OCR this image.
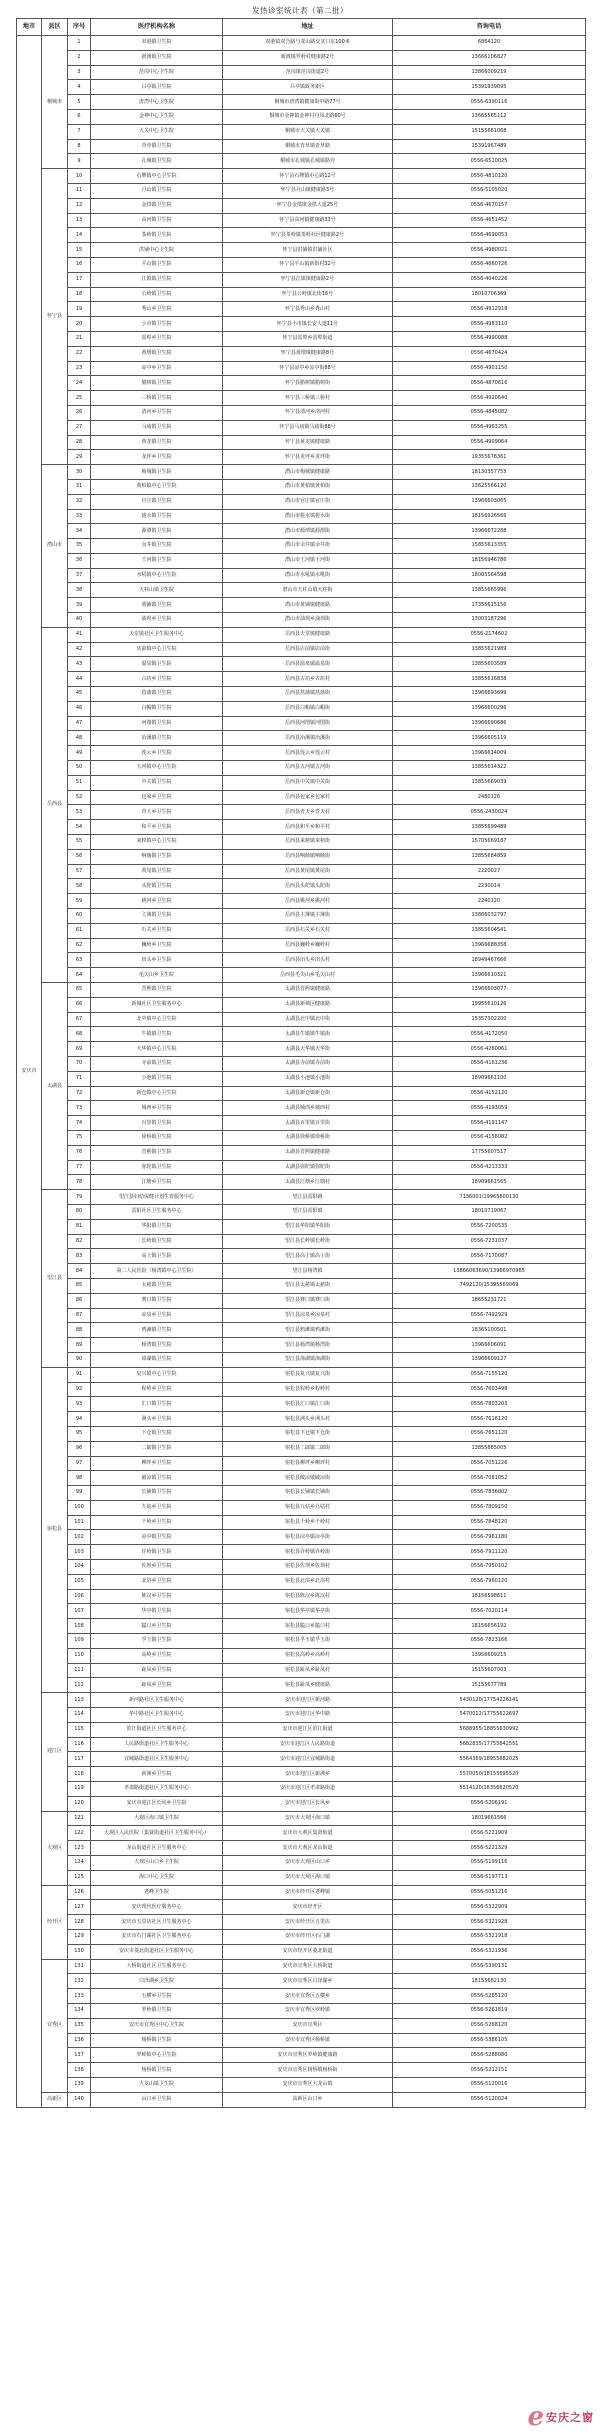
发热诊室统计表（第二批）
地市	县区	序号	医疗机构名称	地址	咨询电话
安庆市	桐城市	1	双港镇卫生院	双港镇双合路与龙山路交叉口东100米	6864120
		2	新渡镇卫生院	新渡镇罗岭村健康路2号	13666106827
		3	范岗中心卫生院	范岗镇范岗街道2号	13866009219
		4	吕亭镇卫生院	吕亭镇政务新区	15391939095
		5	唐湾中心卫生院	桐城市唐湾镇健康街中路77号	0556-6390116
		6	金神中心卫生院	桐城市金神镇金神村丹凤北路60号	13665565112
		7	大关中心卫生院	桐城市大关镇大关镇	15155661068
		8	青草镇卫生院	桐城市青草镇青草路	15391967489
		9	孔城镇卫生院	桐城市孔城镇孔城镇路旁	0556-6510025
	怀宁县	10	石牌镇中心卫生院	怀宁县石牌镇中心路12号	0556-4810120
		11	月山镇卫生院	怀宁县月山镇健康路3号	0556-5105020
		12	金拱镇卫生院	怀宁县金拱镇金拱大道25号	0556-4670157
		13	高河镇卫生院	怀宁县高河镇健康路33号	0556-4651452
		14	茶岭镇卫生院	怀宁县茶岭镇茶岭社区健康路2号	0556-4690053
		15	洪铺中心卫生院	怀宁县洪铺镇洪铺社区	0556-4980021
		16	平山镇卫生院	怀宁县平山镇新街村32号	0556-4660726
		17	江镇镇卫生院	怀宁县江镇镇健康路2号	0556-4040226
		18	公岭镇卫生院	怀宁县公岭镇北街16号	18010706369
		19	秀山乡卫生院	怀宁县秀山乡秀山村	0556-4912918
		20	小市镇卫生院	怀宁县小市镇长安大道11号	0556-4983110
		21	雷埠乡卫生院	怀宁县雷埠乡雷埠街道	0556-4990088
		22	黄墩镇卫生院	怀宁县黄墩镇健康路8号	0556-4670424
		23	凉亭乡卫生院	怀宁县凉亭乡凉亭街88号	0556-4901150
		24	腊树镇卫生院	怀宁县腊树镇腊树街	0556-4870616
		25	三桥镇卫生院	怀宁县三桥镇三桥村	0556-4920640
		26	清河乡卫生院	怀宁县清河乡清河村	0556-4845082
		27	马庙镇卫生院	怀宁县马庙镇马庙街88号	0556-4963255
		28	黄龙镇卫生院	怀宁县黄龙镇健康路	0556-4909064
		29	龙坪乡卫生院	怀宁县龙坪乡龙坪街	19355676361
	潜山市	30	梅城镇卫生院	潜山市梅城镇健康路	18130357755
		31	黄柏镇中心卫生院	潜山市黄柏镇黄柏街	13625566120
		32	官庄镇卫生院	潜山市官庄镇官庄街	13966603065
		33	槎水镇卫生院	潜山市槎水镇槎水街	18156926566
		34	源潭镇卫生院	潜山市源潭镇源潭街	13966672288
		35	余井镇卫生院	潜山市余井镇余井街	15855613355
		36	王河镇卫生院	潜山市王河镇王河街	18156946786
		37	水吼镇中心卫生院	潜山市水吼镇水吼街	18005564598
		38	天柱山镇卫生院	潜山市天柱山镇天柱街	13855665996
		39	黄铺镇卫生院	潜山市黄铺镇健康路	17355615156
		40	油坝乡卫生院	潜山市油坝乡油坝街	13003187296
	岳西县	41	天堂镇社区卫生服务中心	岳西县天堂镇健康路	0556-2174602
		42	店前镇中心卫生院	岳西县店前镇店前街	13855621989
		43	温泉镇卫生院	岳西县温泉镇温泉街	13855603589
		44	古坊乡卫生院	岳西县古坊乡古坊村	13855616838
		45	菖蒲镇卫生院	岳西县菖蒲镇菖蒲街	13966693699
		46	白帽镇卫生院	岳西县白帽镇白帽街	13966600296
		47	河图镇卫生院	岳西县河图镇河图街	13966690686
		48	冶溪镇卫生院	岳西县冶溪镇冶溪街	13966605119
		49	莲云乡卫生院	岳西县莲云乡莲云村	13966614009
		50	五河镇中心卫生院	岳西县五河镇五河街	13855614322
		51	中关镇卫生院	岳西县中关镇中关街	13855669039
		52	包家乡卫生院	岳西县包家乡包家村	2480126
		53	青天乡卫生院	岳西县青天乡青天村	0556-2430024
		54	和平乡卫生院	岳西县和平乡和平村	13855699489
		55	来榜镇中心卫生院	岳西县来榜镇来榜街	15705669187
		56	响肠镇卫生院	岳西县响肠镇响肠街	13855684859
		57	黄尾镇卫生院	岳西县黄尾镇黄尾街	2220027
		58	头陀镇卫生院	岳西县头陀镇头陀街	2230014
		59	姚河乡卫生院	岳西县姚河乡姚河村	2240120
		60	主簿镇卫生院	岳西县主簿镇主簿街	13866032797
		61	石关乡卫生院	岳西县石关乡石关村	13855604541
		62	巍岭乡卫生院	岳西县巍岭乡巍岭村	13966688358
		63	田头乡卫生院	岳西县田头乡田头村	18949467666
		64	毛尖山乡卫生院	岳西县毛尖山乡毛尖山村	13966610321
	太湖县	65	晋熙镇卫生院	太湖县晋熙镇健康路	13966603077
		66	新城社区卫生服务中心	太湖县新城区健康路	19955610126
		67	北中镇中心卫生院	太湖县北中镇北中街	15357302200
		68	牛镇镇卫生院	太湖县牛镇镇牛镇街	0556-4172050
		69	天华镇中心卫生院	太湖县天华镇天华街	0556-4260061
		70	寺前镇卫生院	太湖县寺前镇寺前街	0556-4161236
		71	小池镇卫生院	太湖县小池镇小池街	18909661100
		72	新仓镇中心卫生院	太湖县新仓镇新仓街	0556-4152120
		73	城西乡卫生院	太湖县城西乡城西村	0556-4193059
		74	百里镇卫生院	太湖县百里镇百里街	0556-4191147
		75	徐桥镇卫生院	太湖县徐桥镇徐桥街	0556-4156082
		76	晋熙镇卫生院	太湖县晋熙镇健康路	17755607517
		77	弥陀镇卫生院	太湖县弥陀镇弥陀街	0556-4213333
		78	江塘乡卫生院	太湖县江塘乡江塘村	18909661565
	望江县	79	望江县妇幼保健计划生育服务中心	望江县雷阳路	7136001/19965600130
		80	雷阳社区卫生服务中心	望江县雷阳镇	18010719067
		81	华阳镇卫生院	望江县华阳镇华阳街	0556-7200535
		82	长岭镇卫生院	望江县长岭镇长岭街	0556-7231037
		83	高士镇卫生院	望江县高士镇高士街	0556-7170087
		84	第二人民医院（杨湾镇中心卫生院）	望江县杨湾镇	13866063690/13966970965
		85	太慈镇卫生院	望江县太慈镇太慈街	7492120/15395569069
		86	赛口镇卫生院	望江县赛口镇赛口街	18655231721
		87	凉泉乡卫生院	望江县凉泉乡凉泉村	0556-7492929
		88	鸦滩镇卫生院	望江县鸦滩镇鸦滩街	18365100501
		89	杨湾镇卫生院	望江县杨湾镇杨湾街	13966606091
		90	漳湖镇卫生院	望江县漳湖镇漳湖街	13966609127
	宿松县	91	复兴镇中心卫生院	宿松县复兴镇复兴街	0556-7155120
		92	程岭乡卫生院	宿松县程岭乡程岭村	0556-7603498
		93	汇口镇卫生院	宿松县汇口镇汇口街	0556-7803203
		94	洲头乡卫生院	宿松县洲头乡洲头村	0556-7616120
		95	下仓镇卫生院	宿松县下仓镇下仓街	0556-7651120
		96	二郎镇卫生院	宿松县二郎镇二郎街	13855685005
		97	柳坪乡卫生院	宿松县柳坪乡柳坪村	0556-7051226
		98	破凉镇卫生院	宿松县破凉镇破凉街	0556-7081052
		99	长铺镇卫生院	宿松县长铺镇长铺街	0556-7836002
		100	九姑乡卫生院	宿松县九姑乡九姑村	0556-7809150
		101	千岭乡卫生院	宿松县千岭乡千岭村	0556-7848120
		102	凉亭镇卫生院	宿松县凉亭镇凉亭街	0556-7961180
		103	许岭镇卫生院	宿松县许岭镇许岭街	0556-7911120
		104	佐坝乡卫生院	宿松县佐坝乡佐坝村	0556-7950102
		105	北浴乡卫生院	宿松县北浴乡北浴村	0556-7960120
		106	陈汉乡卫生院	宿松县陈汉乡陈汉村	18156598611
		107	华亭镇卫生院	宿松县华亭镇华亭街	0556-7020114
		108	隘口乡卫生院	宿松县隘口乡隘口村	18156656192
		109	孚玉镇卫生院	宿松县孚玉镇孚玉街	0556-7823166
		110	高岭乡卫生院	宿松县高岭乡高岭村	13956609215
		111	趾凤乡卫生院	宿松县趾凤乡趾凤村	15155607003
		112	趾凤乡卫生院	宿松县趾凤乡健康路	15155677789
	迎江区	113	新河路社区卫生服务中心	安庆市迎江区新河路	5430120/17754226141
		114	华中路社区卫生服务中心	安庆市迎江区华中路	5470012/17755622697
		115	滨江街道社区卫生服务中心	安庆市迎江区滨江街道	5688955/18855630992
		116	人民路街道社区卫生服务中心	安庆市迎江区人民路街道	5682835/17755642551
		117	宜城路街道社区卫生服务中心	安庆市迎江区宜城路街道	5564369/18955682025
		118	新洲乡卫生院	安庆市迎江区新洲乡	5570050/18155695520
		119	孝肃路街道社区卫生服务中心	安庆市迎江区孝肃路街道	5514120/18356620520
		120	安庆市迎江区长风乡卫生院	安庆市迎江区长风乡	0556-5206191
	大观区	121	大观区海口镇卫生院	安庆市大观区海口镇	18019661566
		122	大观区人民医院（集贤街道社区卫生服务中心）	安庆市大观区集贤街道	0556-5221909
		123	龙山街道社区卫生服务中心	安庆市大观区龙山街道	0556-5221329
		124	大观区山口乡卫生院	安庆市大观区山口乡	0556-5199116
		125	海口中心卫生院	安庆市大观区海口镇	0556-5197713
	经开区	126	老峰卫生院	安庆市经开区老峰镇	0556-5051216
		127	安庆现代医疗服务中心	安庆市经开区	0556-5322909
		128	安庆市五里店社区卫生服务中心	安庆市经开区五里店	0556-5321928
		129	安庆市石门湖社区卫生服务中心	安庆市经开区石门湖	0556-5321918
		130	安庆市菱北街道社区卫生服务中心	安庆市经开区菱北街道	0556-5321936
	宜秀区	131	大桥街道社区卫生服务中心	安庆市宜秀区大桥街道	0556-5390131
		132	白泽湖乡卫生院	安庆市宜秀区白泽湖乡	18155682130
		133	五横乡卫生院	安庆市宜秀区五横乡	0556-5265120
		134	罗岭镇卫生院	安庆市宜秀区罗岭镇	0556-5261819
		135	安庆市宜秀区中心卫生院	安庆市宜秀区	0556-5268120
		136	杨桥镇卫生院	安庆市宜秀区杨桥镇	0556-5386105
		137	罗岭镇中心卫生院	安庆市宜秀区罗岭镇健康路	0556-5288080
		138	杨桥镇卫生院	安庆市宜秀区杨桥镇杨桥街	0556-5212151
		139	大龙山镇卫生院	安庆市宜秀区大龙山镇	0556-5120016
	高新区	140	山口乡卫生院	高新区山口乡	0556-5120024
e 安庆之窗
